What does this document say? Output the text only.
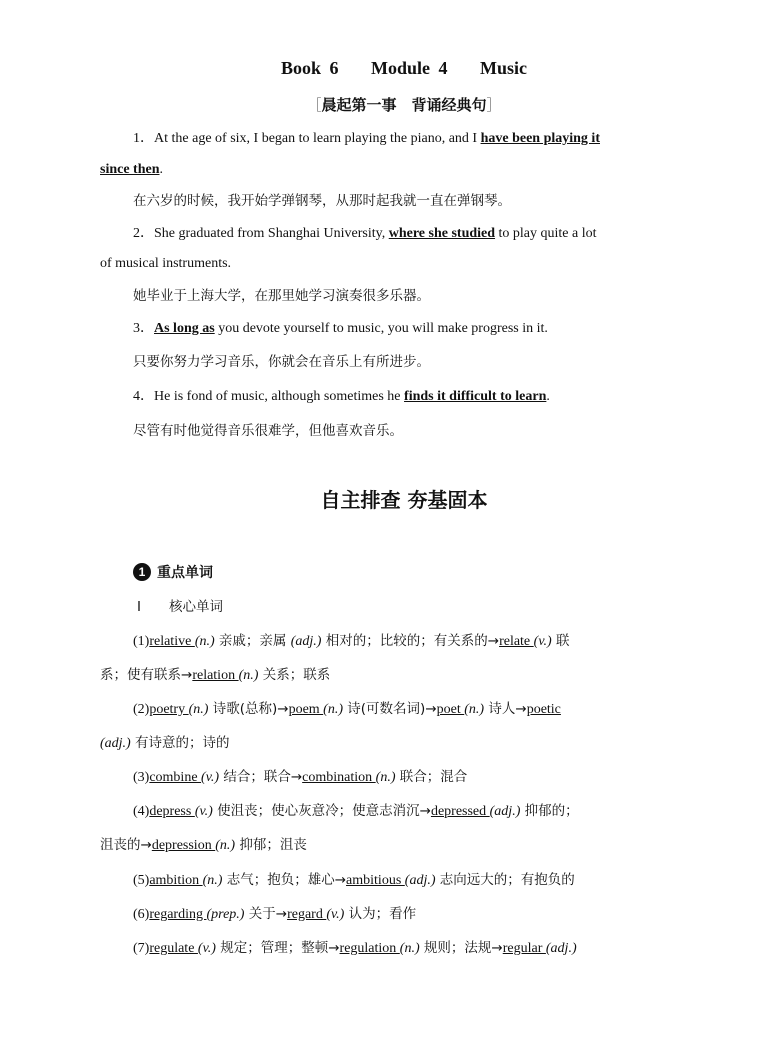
Book 6 Module 4 Music
［晨起第一事　背诵经典句］
1．At the age of six, I began to learn playing the piano, and I have been playing it
since then.
在六岁的时候，我开始学弹钢琴，从那时起我就一直在弹钢琴。
2．She graduated from Shanghai University, where she studied to play quite a lot
of musical instruments.
她毕业于上海大学，在那里她学习演奏很多乐器。
3．As long as you devote yourself to music, you will make progress in it.
只要你努力学习音乐，你就会在音乐上有所进步。
4．He is fond of music, although sometimes he finds it difficult to learn.
尽管有时他觉得音乐很难学，但他喜欢音乐。
自主排查 夯基固本
1 重点单词
Ⅰ 核心单词
(1)relative (n.) 亲戚；亲属 (adj.) 相对的；比较的；有关系的→relate (v.) 联
系；使有联系→relation (n.) 关系；联系
(2)poetry (n.) 诗歌(总称)→poem (n.) 诗(可数名词)→poet (n.) 诗人→poetic
(adj.) 有诗意的；诗的
(3)combine (v.) 结合；联合→combination (n.) 联合；混合
(4)depress (v.) 使沮丧；使心灰意冷；使意志消沉→depressed (adj.) 抑郁的；
沮丧的→depression (n.) 抑郁；沮丧
(5)ambition (n.) 志气；抱负；雄心→ambitious (adj.) 志向远大的；有抱负的
(6)regarding (prep.) 关于→regard (v.) 认为；看作
(7)regulate (v.) 规定；管理；整顿→regulation (n.) 规则；法规→regular (adj.)
